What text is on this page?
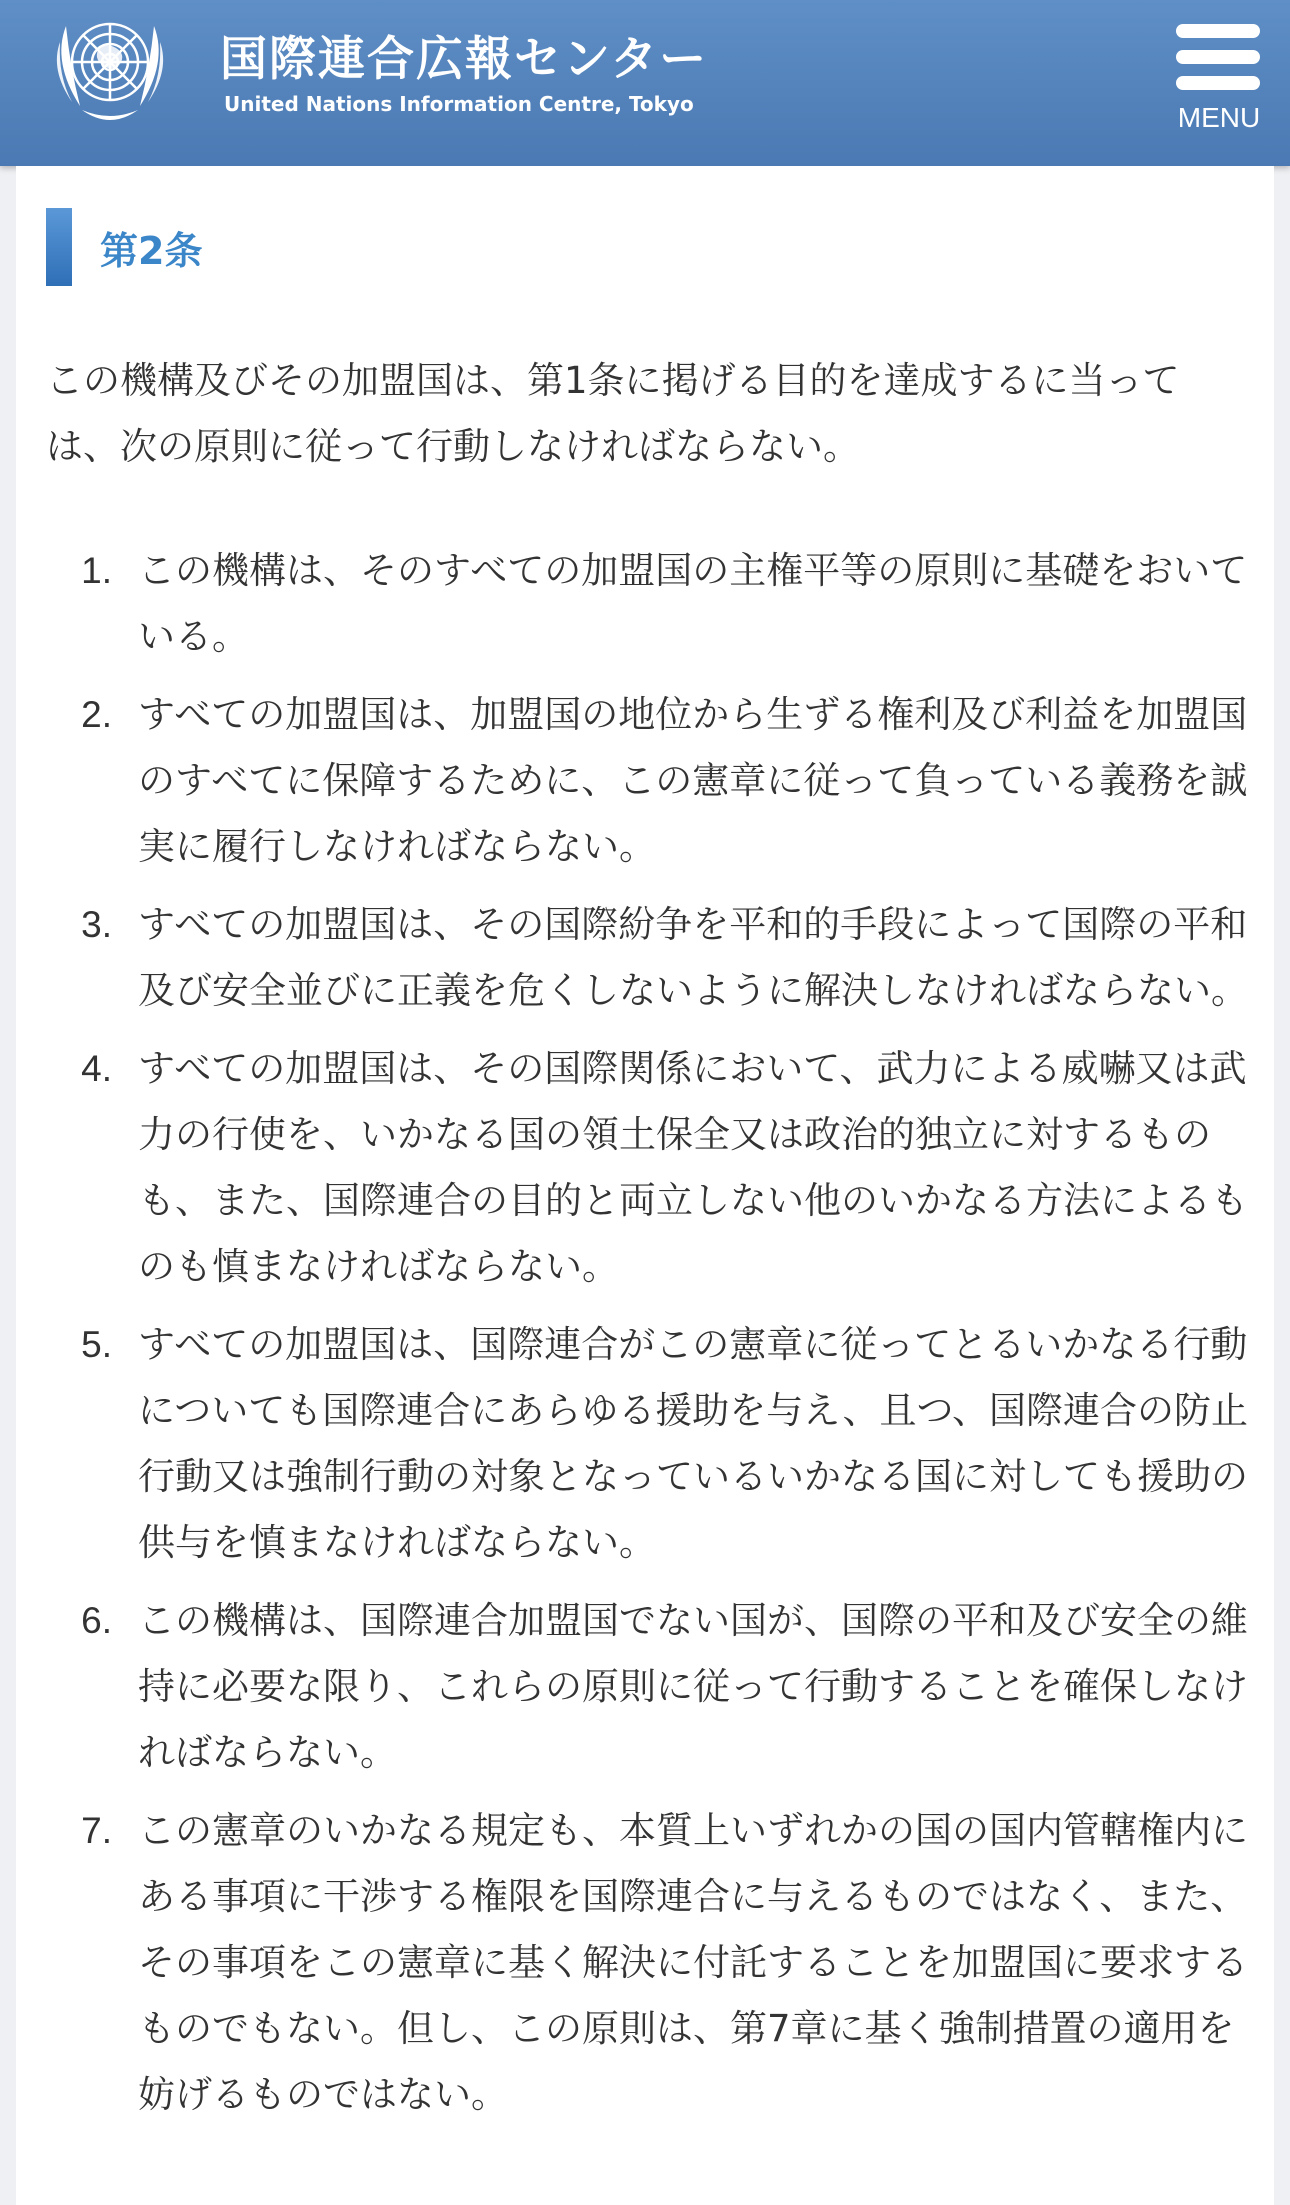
国際連合広報センター
United Nations Information Centre, Tokyo	MENU
第2条

この機構及びその加盟国は、第1条に掲げる目的を達成するに当っては、次の原則に従って行動しなければならない。

1. この機構は、そのすべての加盟国の主権平等の原則に基礎をおいている。
2. すべての加盟国は、加盟国の地位から生ずる権利及び利益を加盟国のすべてに保障するために、この憲章に従って負っている義務を誠実に履行しなければならない。
3. すべての加盟国は、その国際紛争を平和的手段によって国際の平和及び安全並びに正義を危くしないように解決しなければならない。
4. すべての加盟国は、その国際関係において、武力による威嚇又は武力の行使を、いかなる国の領土保全又は政治的独立に対するものも、また、国際連合の目的と両立しない他のいかなる方法によるものも慎まなければならない。
5. すべての加盟国は、国際連合がこの憲章に従ってとるいかなる行動についても国際連合にあらゆる援助を与え、且つ、国際連合の防止行動又は強制行動の対象となっているいかなる国に対しても援助の供与を慎まなければならない。
6. この機構は、国際連合加盟国でない国が、国際の平和及び安全の維持に必要な限り、これらの原則に従って行動することを確保しなければならない。
7. この憲章のいかなる規定も、本質上いずれかの国の国内管轄権内にある事項に干渉する権限を国際連合に与えるものではなく、また、その事項をこの憲章に基く解決に付託することを加盟国に要求するものでもない。但し、この原則は、第7章に基く強制措置の適用を妨げるものではない。
